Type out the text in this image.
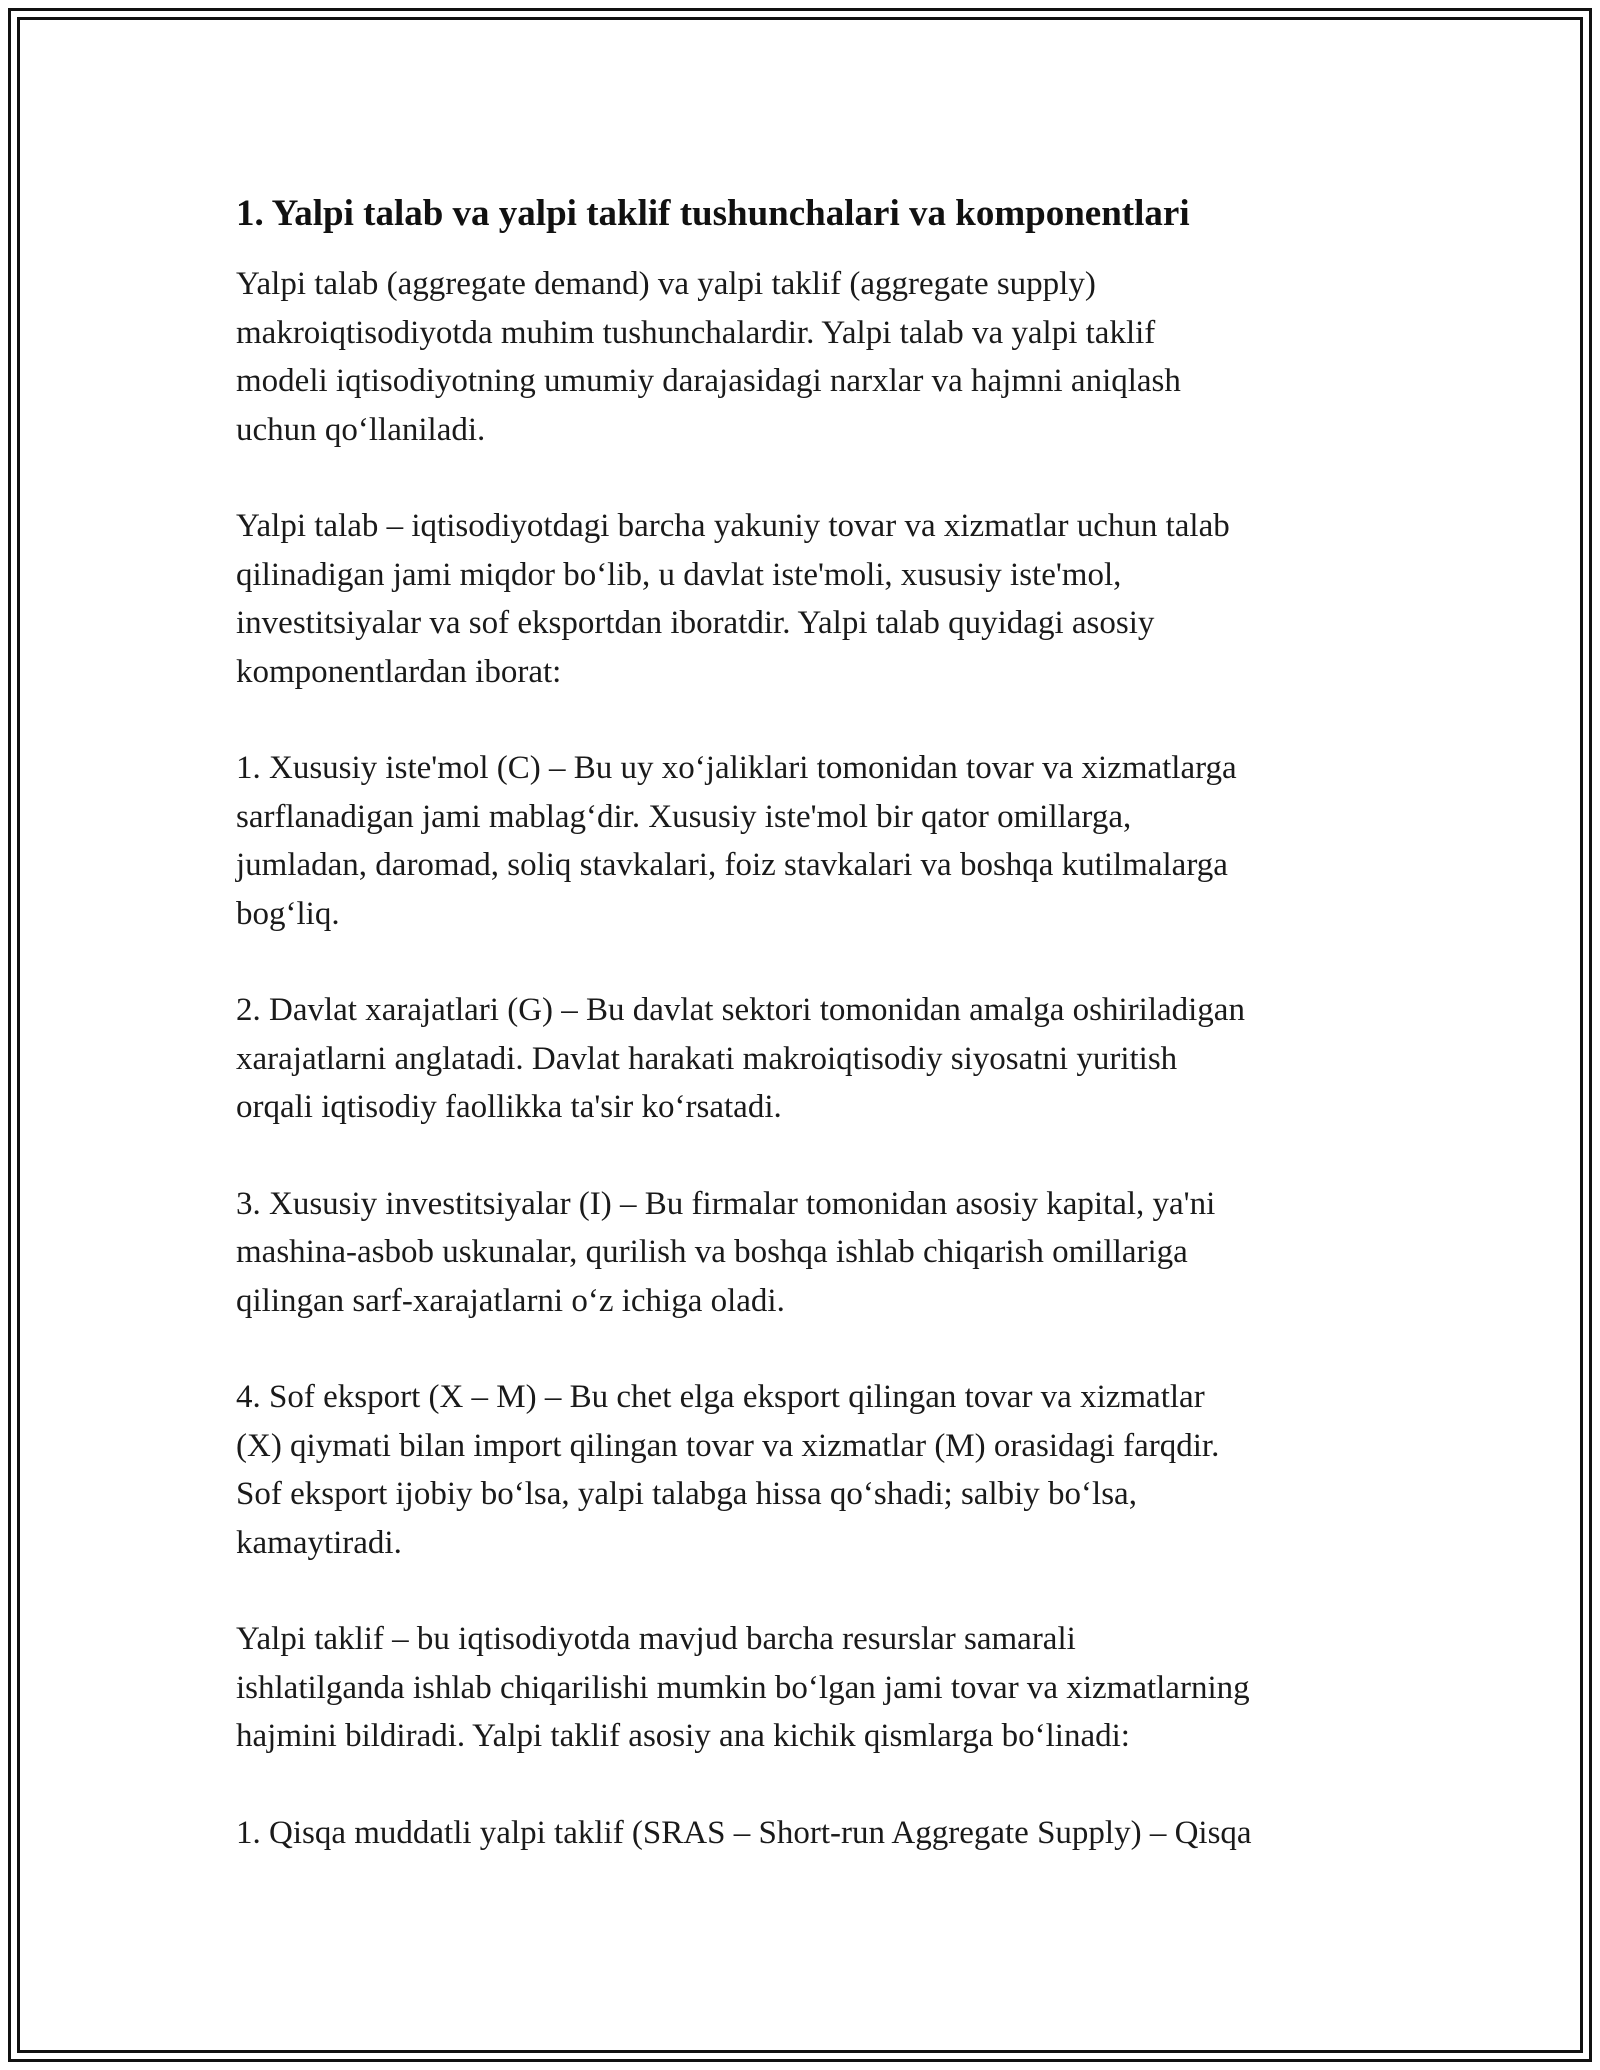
1. Yalpi talab va yalpi taklif tushunchalari va komponentlari

Yalpi talab (aggregate demand) va yalpi taklif (aggregate supply)
makroiqtisodiyotda muhim tushunchalardir. Yalpi talab va yalpi taklif
modeli iqtisodiyotning umumiy darajasidagi narxlar va hajmni aniqlash
uchun qo‘llaniladi.

Yalpi talab – iqtisodiyotdagi barcha yakuniy tovar va xizmatlar uchun talab
qilinadigan jami miqdor bo‘lib, u davlat iste'moli, xususiy iste'mol,
investitsiyalar va sof eksportdan iboratdir. Yalpi talab quyidagi asosiy
komponentlardan iborat:

1. Xususiy iste'mol (C) – Bu uy xo‘jaliklari tomonidan tovar va xizmatlarga
sarflanadigan jami mablag‘dir. Xususiy iste'mol bir qator omillarga,
jumladan, daromad, soliq stavkalari, foiz stavkalari va boshqa kutilmalarga
bog‘liq.

2. Davlat xarajatlari (G) – Bu davlat sektori tomonidan amalga oshiriladigan
xarajatlarni anglatadi. Davlat harakati makroiqtisodiy siyosatni yuritish
orqali iqtisodiy faollikka ta'sir ko‘rsatadi.

3. Xususiy investitsiyalar (I) – Bu firmalar tomonidan asosiy kapital, ya'ni
mashina-asbob uskunalar, qurilish va boshqa ishlab chiqarish omillariga
qilingan sarf-xarajatlarni o‘z ichiga oladi.

4. Sof eksport (X – M) – Bu chet elga eksport qilingan tovar va xizmatlar
(X) qiymati bilan import qilingan tovar va xizmatlar (M) orasidagi farqdir.
Sof eksport ijobiy bo‘lsa, yalpi talabga hissa qo‘shadi; salbiy bo‘lsa,
kamaytiradi.

Yalpi taklif – bu iqtisodiyotda mavjud barcha resurslar samarali
ishlatilganda ishlab chiqarilishi mumkin bo‘lgan jami tovar va xizmatlarning
hajmini bildiradi. Yalpi taklif asosiy ana kichik qismlarga bo‘linadi:

1. Qisqa muddatli yalpi taklif (SRAS – Short-run Aggregate Supply) – Qisqa
